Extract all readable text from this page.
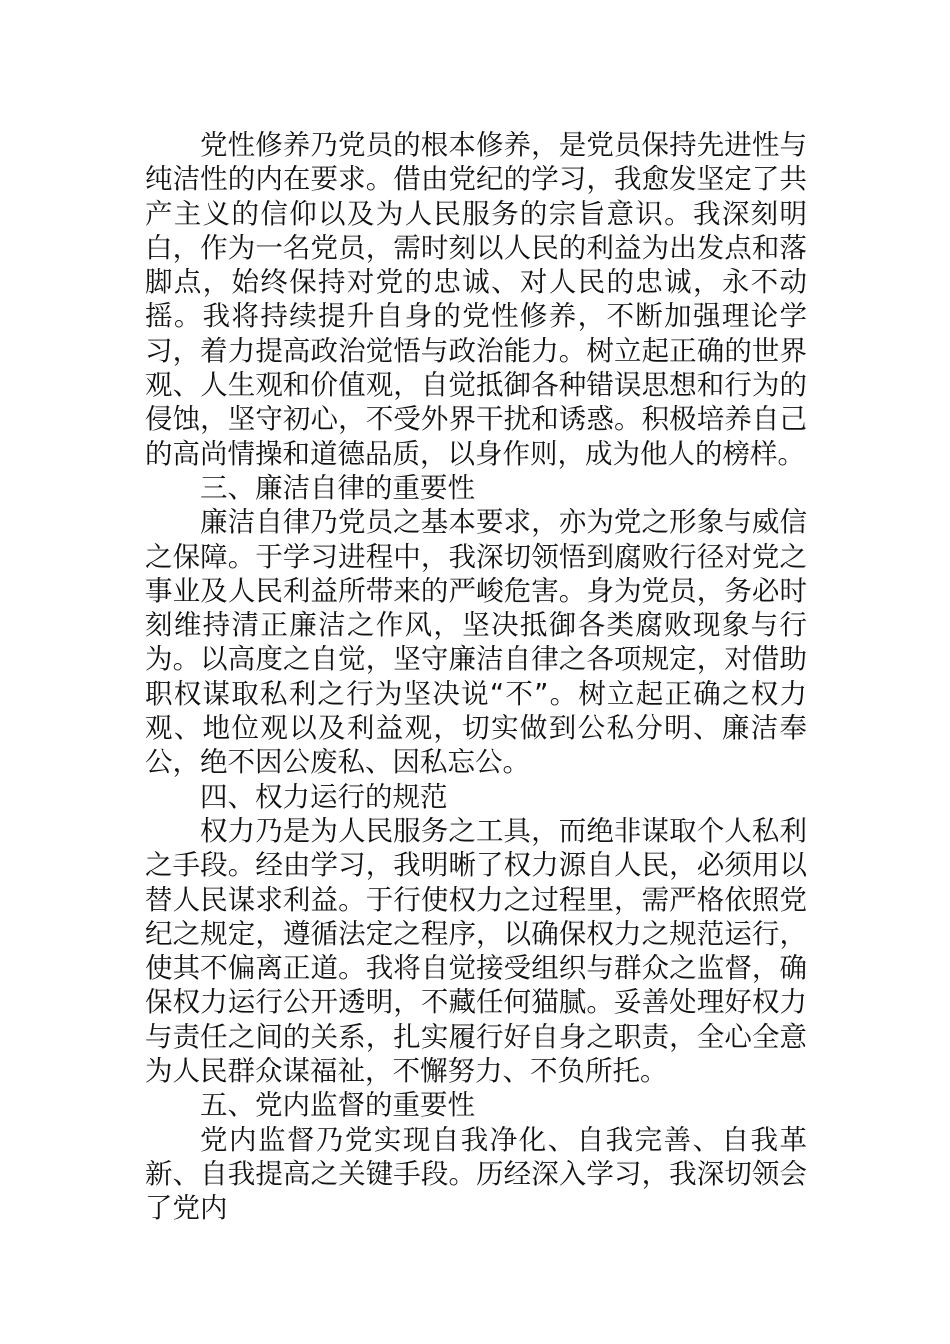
党性修养乃党员的根本修养，是党员保持先进性与纯洁性的内在要求。借由党纪的学习，我愈发坚定了共产主义的信仰以及为人民服务的宗旨意识。我深刻明白，作为一名党员，需时刻以人民的利益为出发点和落脚点，始终保持对党的忠诚、对人民的忠诚，永不动摇。我将持续提升自身的党性修养，不断加强理论学习，着力提高政治觉悟与政治能力。树立起正确的世界观、人生观和价值观，自觉抵御各种错误思想和行为的侵蚀，坚守初心，不受外界干扰和诱惑。积极培养自己的高尚情操和道德品质，以身作则，成为他人的榜样。

三、廉洁自律的重要性

廉洁自律乃党员之基本要求，亦为党之形象与威信之保障。于学习进程中，我深切领悟到腐败行径对党之事业及人民利益所带来的严峻危害。身为党员，务必时刻维持清正廉洁之作风，坚决抵御各类腐败现象与行为。以高度之自觉，坚守廉洁自律之各项规定，对借助职权谋取私利之行为坚决说“不”。树立起正确之权力观、地位观以及利益观，切实做到公私分明、廉洁奉公，绝不因公废私、因私忘公。

四、权力运行的规范

权力乃是为人民服务之工具，而绝非谋取个人私利之手段。经由学习，我明晰了权力源自人民，必须用以替人民谋求利益。于行使权力之过程里，需严格依照党纪之规定，遵循法定之程序，以确保权力之规范运行，使其不偏离正道。我将自觉接受组织与群众之监督，确保权力运行公开透明，不藏任何猫腻。妥善处理好权力与责任之间的关系，扎实履行好自身之职责，全心全意为人民群众谋福祉，不懈努力、不负所托。

五、党内监督的重要性

党内监督乃党实现自我净化、自我完善、自我革新、自我提高之关键手段。历经深入学习，我深切领会了党内
